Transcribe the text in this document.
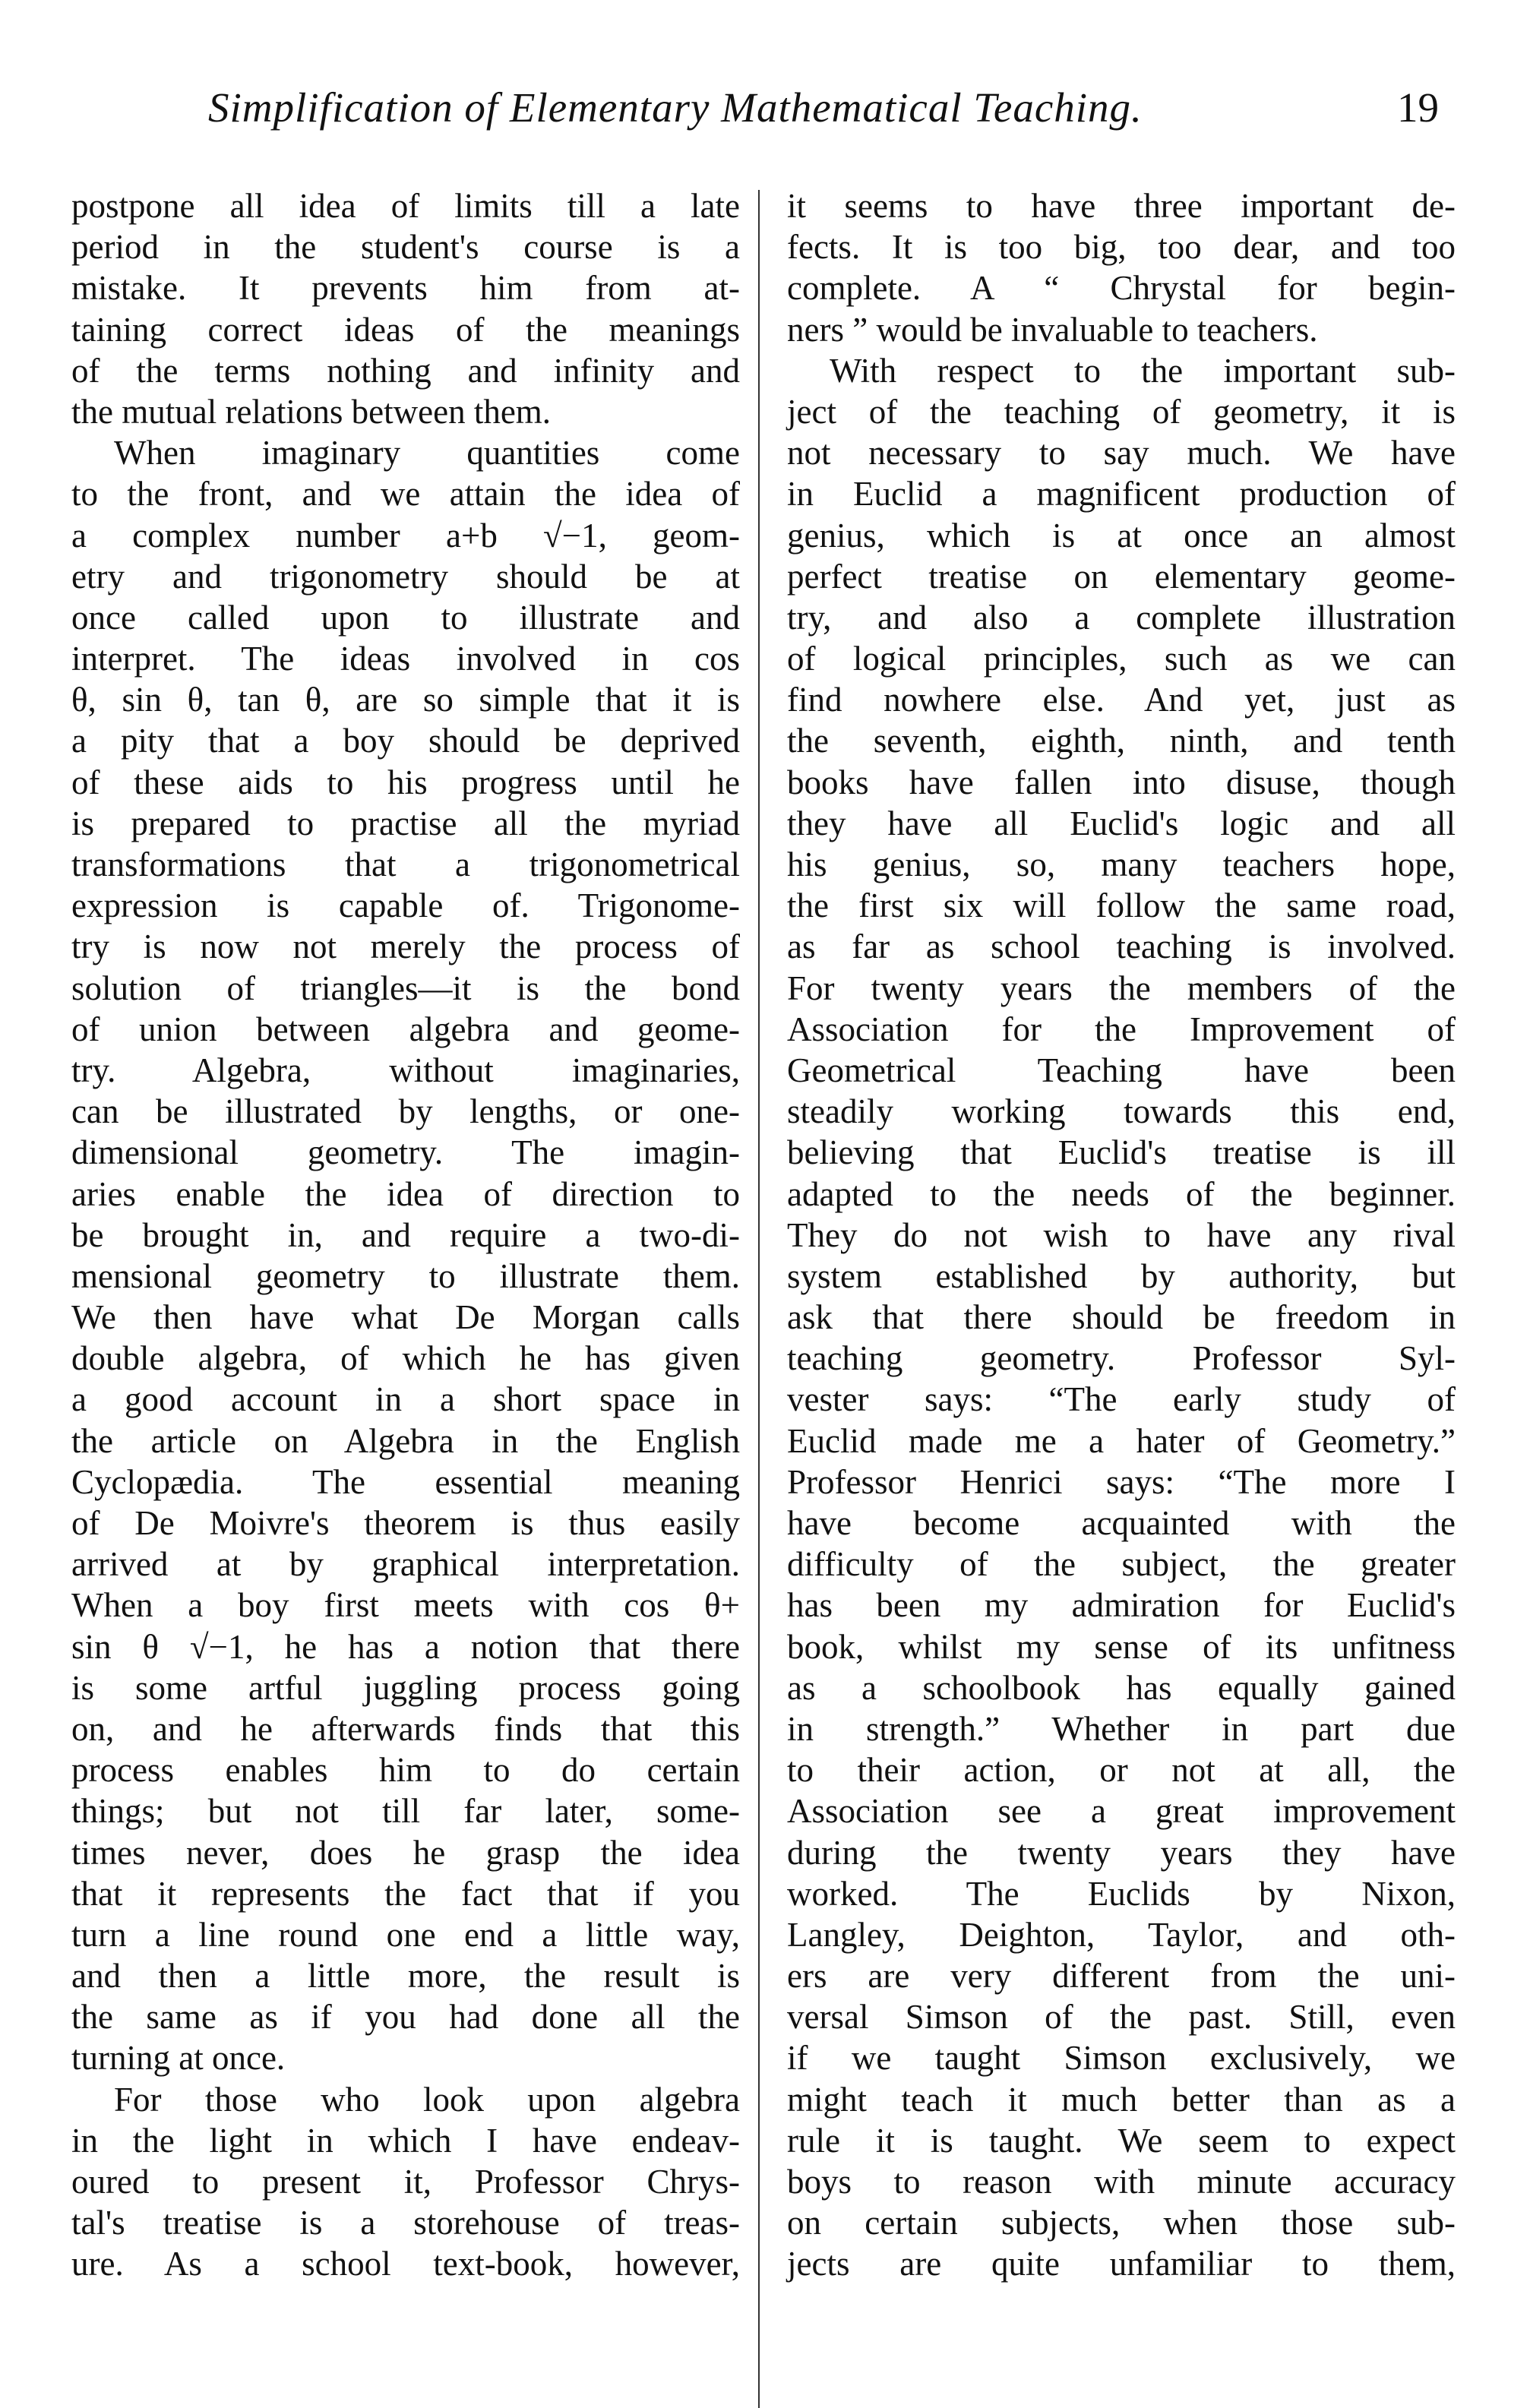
Simplification of Elementary Mathematical Teaching.	19
postpone all idea of limits till a late
period in the student's course is a
mistake. It prevents him from at-
taining correct ideas of the meanings
of the terms nothing and infinity and
the mutual relations between them.
When imaginary quantities come
to the front, and we attain the idea of
a complex number a+b √−1, geom-
etry and trigonometry should be at
once called upon to illustrate and
interpret. The ideas involved in cos
θ, sin θ, tan θ, are so simple that it is
a pity that a boy should be deprived
of these aids to his progress until he
is prepared to practise all the myriad
transformations that a trigonometrical
expression is capable of. Trigonome-
try is now not merely the process of
solution of triangles—it is the bond
of union between algebra and geome-
try. Algebra, without imaginaries,
can be illustrated by lengths, or one-
dimensional geometry. The imagin-
aries enable the idea of direction to
be brought in, and require a two-di-
mensional geometry to illustrate them.
We then have what De Morgan calls
double algebra, of which he has given
a good account in a short space in
the article on Algebra in the English
Cyclopædia. The essential meaning
of De Moivre's theorem is thus easily
arrived at by graphical interpretation.
When a boy first meets with cos θ+
sin θ √−1, he has a notion that there
is some artful juggling process going
on, and he afterwards finds that this
process enables him to do certain
things; but not till far later, some-
times never, does he grasp the idea
that it represents the fact that if you
turn a line round one end a little way,
and then a little more, the result is
the same as if you had done all the
turning at once.
For those who look upon algebra
in the light in which I have endeav-
oured to present it, Professor Chrys-
tal's treatise is a storehouse of treas-
ure. As a school text-book, however,
it seems to have three important de-
fects. It is too big, too dear, and too
complete. A “ Chrystal for begin-
ners ” would be invaluable to teachers.
With respect to the important sub-
ject of the teaching of geometry, it is
not necessary to say much. We have
in Euclid a magnificent production of
genius, which is at once an almost
perfect treatise on elementary geome-
try, and also a complete illustration
of logical principles, such as we can
find nowhere else. And yet, just as
the seventh, eighth, ninth, and tenth
books have fallen into disuse, though
they have all Euclid's logic and all
his genius, so, many teachers hope,
the first six will follow the same road,
as far as school teaching is involved.
For twenty years the members of the
Association for the Improvement of
Geometrical Teaching have been
steadily working towards this end,
believing that Euclid's treatise is ill
adapted to the needs of the beginner.
They do not wish to have any rival
system established by authority, but
ask that there should be freedom in
teaching geometry. Professor Syl-
vester says: “The early study of
Euclid made me a hater of Geometry.”
Professor Henrici says: “The more I
have become acquainted with the
difficulty of the subject, the greater
has been my admiration for Euclid's
book, whilst my sense of its unfitness
as a schoolbook has equally gained
in strength.” Whether in part due
to their action, or not at all, the
Association see a great improvement
during the twenty years they have
worked. The Euclids by Nixon,
Langley, Deighton, Taylor, and oth-
ers are very different from the uni-
versal Simson of the past. Still, even
if we taught Simson exclusively, we
might teach it much better than as a
rule it is taught. We seem to expect
boys to reason with minute accuracy
on certain subjects, when those sub-
jects are quite unfamiliar to them,
